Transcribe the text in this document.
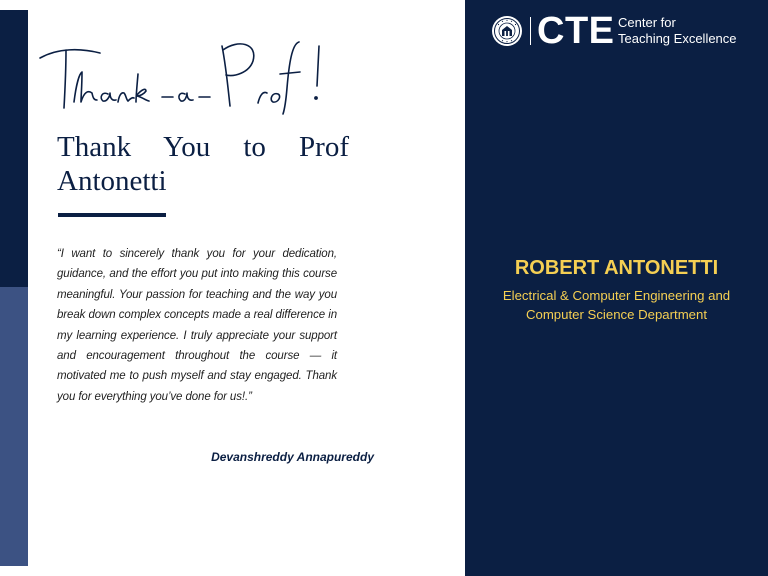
Thank You to Prof Antonetti

“I want to sincerely thank you for your dedication, guidance, and the effort you put into making this course meaningful. Your passion for teaching and the way you break down complex concepts made a real difference in my learning experience. I truly appreciate your support and encouragement throughout the course — it motivated me to push myself and stay engaged. Thank you for everything you’ve done for us!.”

Devanshreddy Annapureddy
CTE Center for
Teaching Excellence
ROBERT ANTONETTI
Electrical & Computer Engineering and
Computer Science Department
